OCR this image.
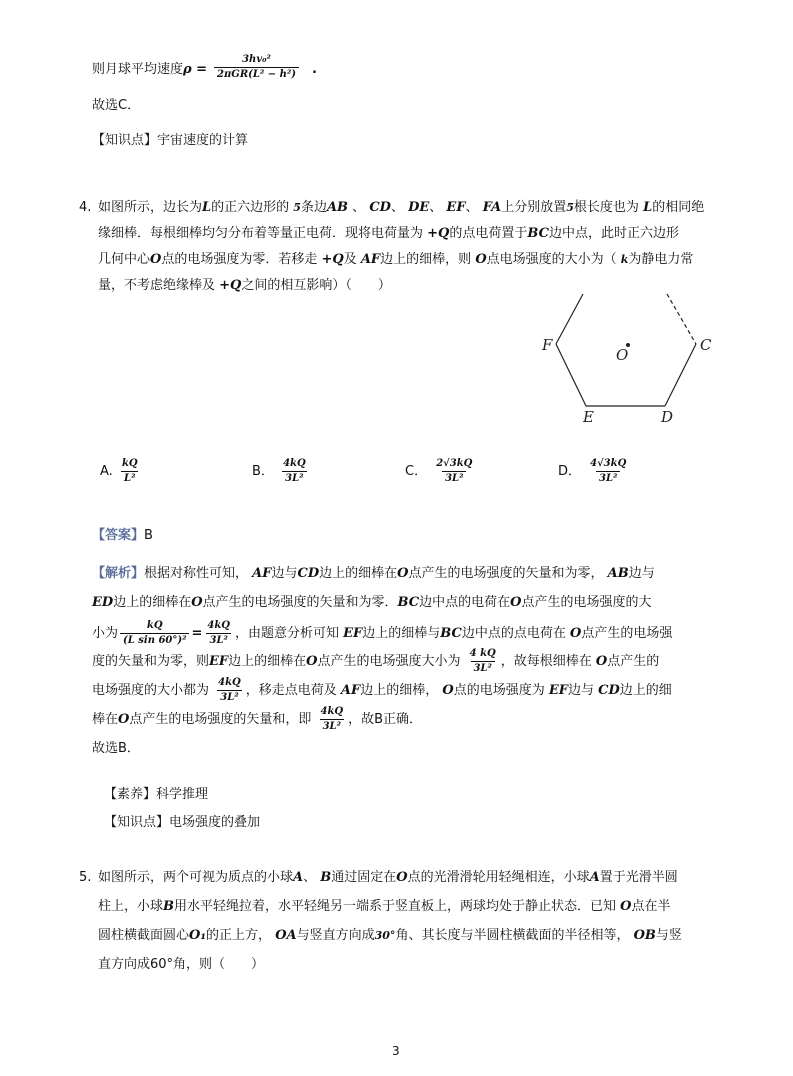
则月球平均速度$\rho = \frac{\text{3hv₀²}}{\text{2πGR(L² − h²)}}$ .
故选C．
【知识点】宇宙速度的计算
4. 如图所示，边长为L的正六边形的 5条边AB 、 CD、 DE、 EF、 FA上分别放置5根长度也为 L的相同绝
缘细棒．每根细棒均匀分布着等量正电荷．现将电荷量为 +Q的点电荷置于BC边中点，此时正六边形
几何中心O点的电场强度为零．若移走 +Q及 AF边上的细棒，则 O点电场强度的大小为（ k为静电力常
量，不考虑绝缘棒及 +Q之间的相互影响）（　　）
F
O
C
E	D
A. $\frac{kQ}{\text{L²}}$	B． $\frac{4kQ}{\text{3L²}}$	C． $\frac{2√3kQ}{\text{3L²}}$	D． $\frac{4√3kQ}{\text{3L²}}$
【答案】B
【解析】根据对称性可知， AF边与CD边上的细棒在O点产生的电场强度的矢量和为零， AB边与
ED边上的细棒在O点产生的电场强度的矢量和为零．BC边中点的电荷在O点产生的电场强度的大
小为 $\frac{kQ}{\text{(L sin 60°)²}} = \frac{4kQ}{\text{3L²}}$ ，由题意分析可知 EF边上的细棒与BC边中点的点电荷在 O点产生的电场强
度的矢量和为零，则EF边上的细棒在O点产生的电场强度大小为 $\frac{4 kQ}{\text{3L²}}$ ，故每根细棒在 O点产生的
电场强度的大小都为 $\frac{4kQ}{\text{3L²}}$ ，移走点电荷及 AF边上的细棒， O点的电场强度为 EF边与 CD边上的细
棒在O点产生的电场强度的矢量和，即 $\frac{4kQ}{\text{3L²}}$ ，故B正确．
故选B．
【素养】科学推理
【知识点】电场强度的叠加
5. 如图所示，两个可视为质点的小球A、 B通过固定在O点的光滑滑轮用轻绳相连，小球A置于光滑半圆
柱上，小球B用水平轻绳拉着，水平轻绳另一端系于竖直板上，两球均处于静止状态．已知 O点在半
圆柱横截面圆心O₁的正上方， OA与竖直方向成30°角、其长度与半圆柱横截面的半径相等， OB与竖
直方向成60°角，则（　　）
3
